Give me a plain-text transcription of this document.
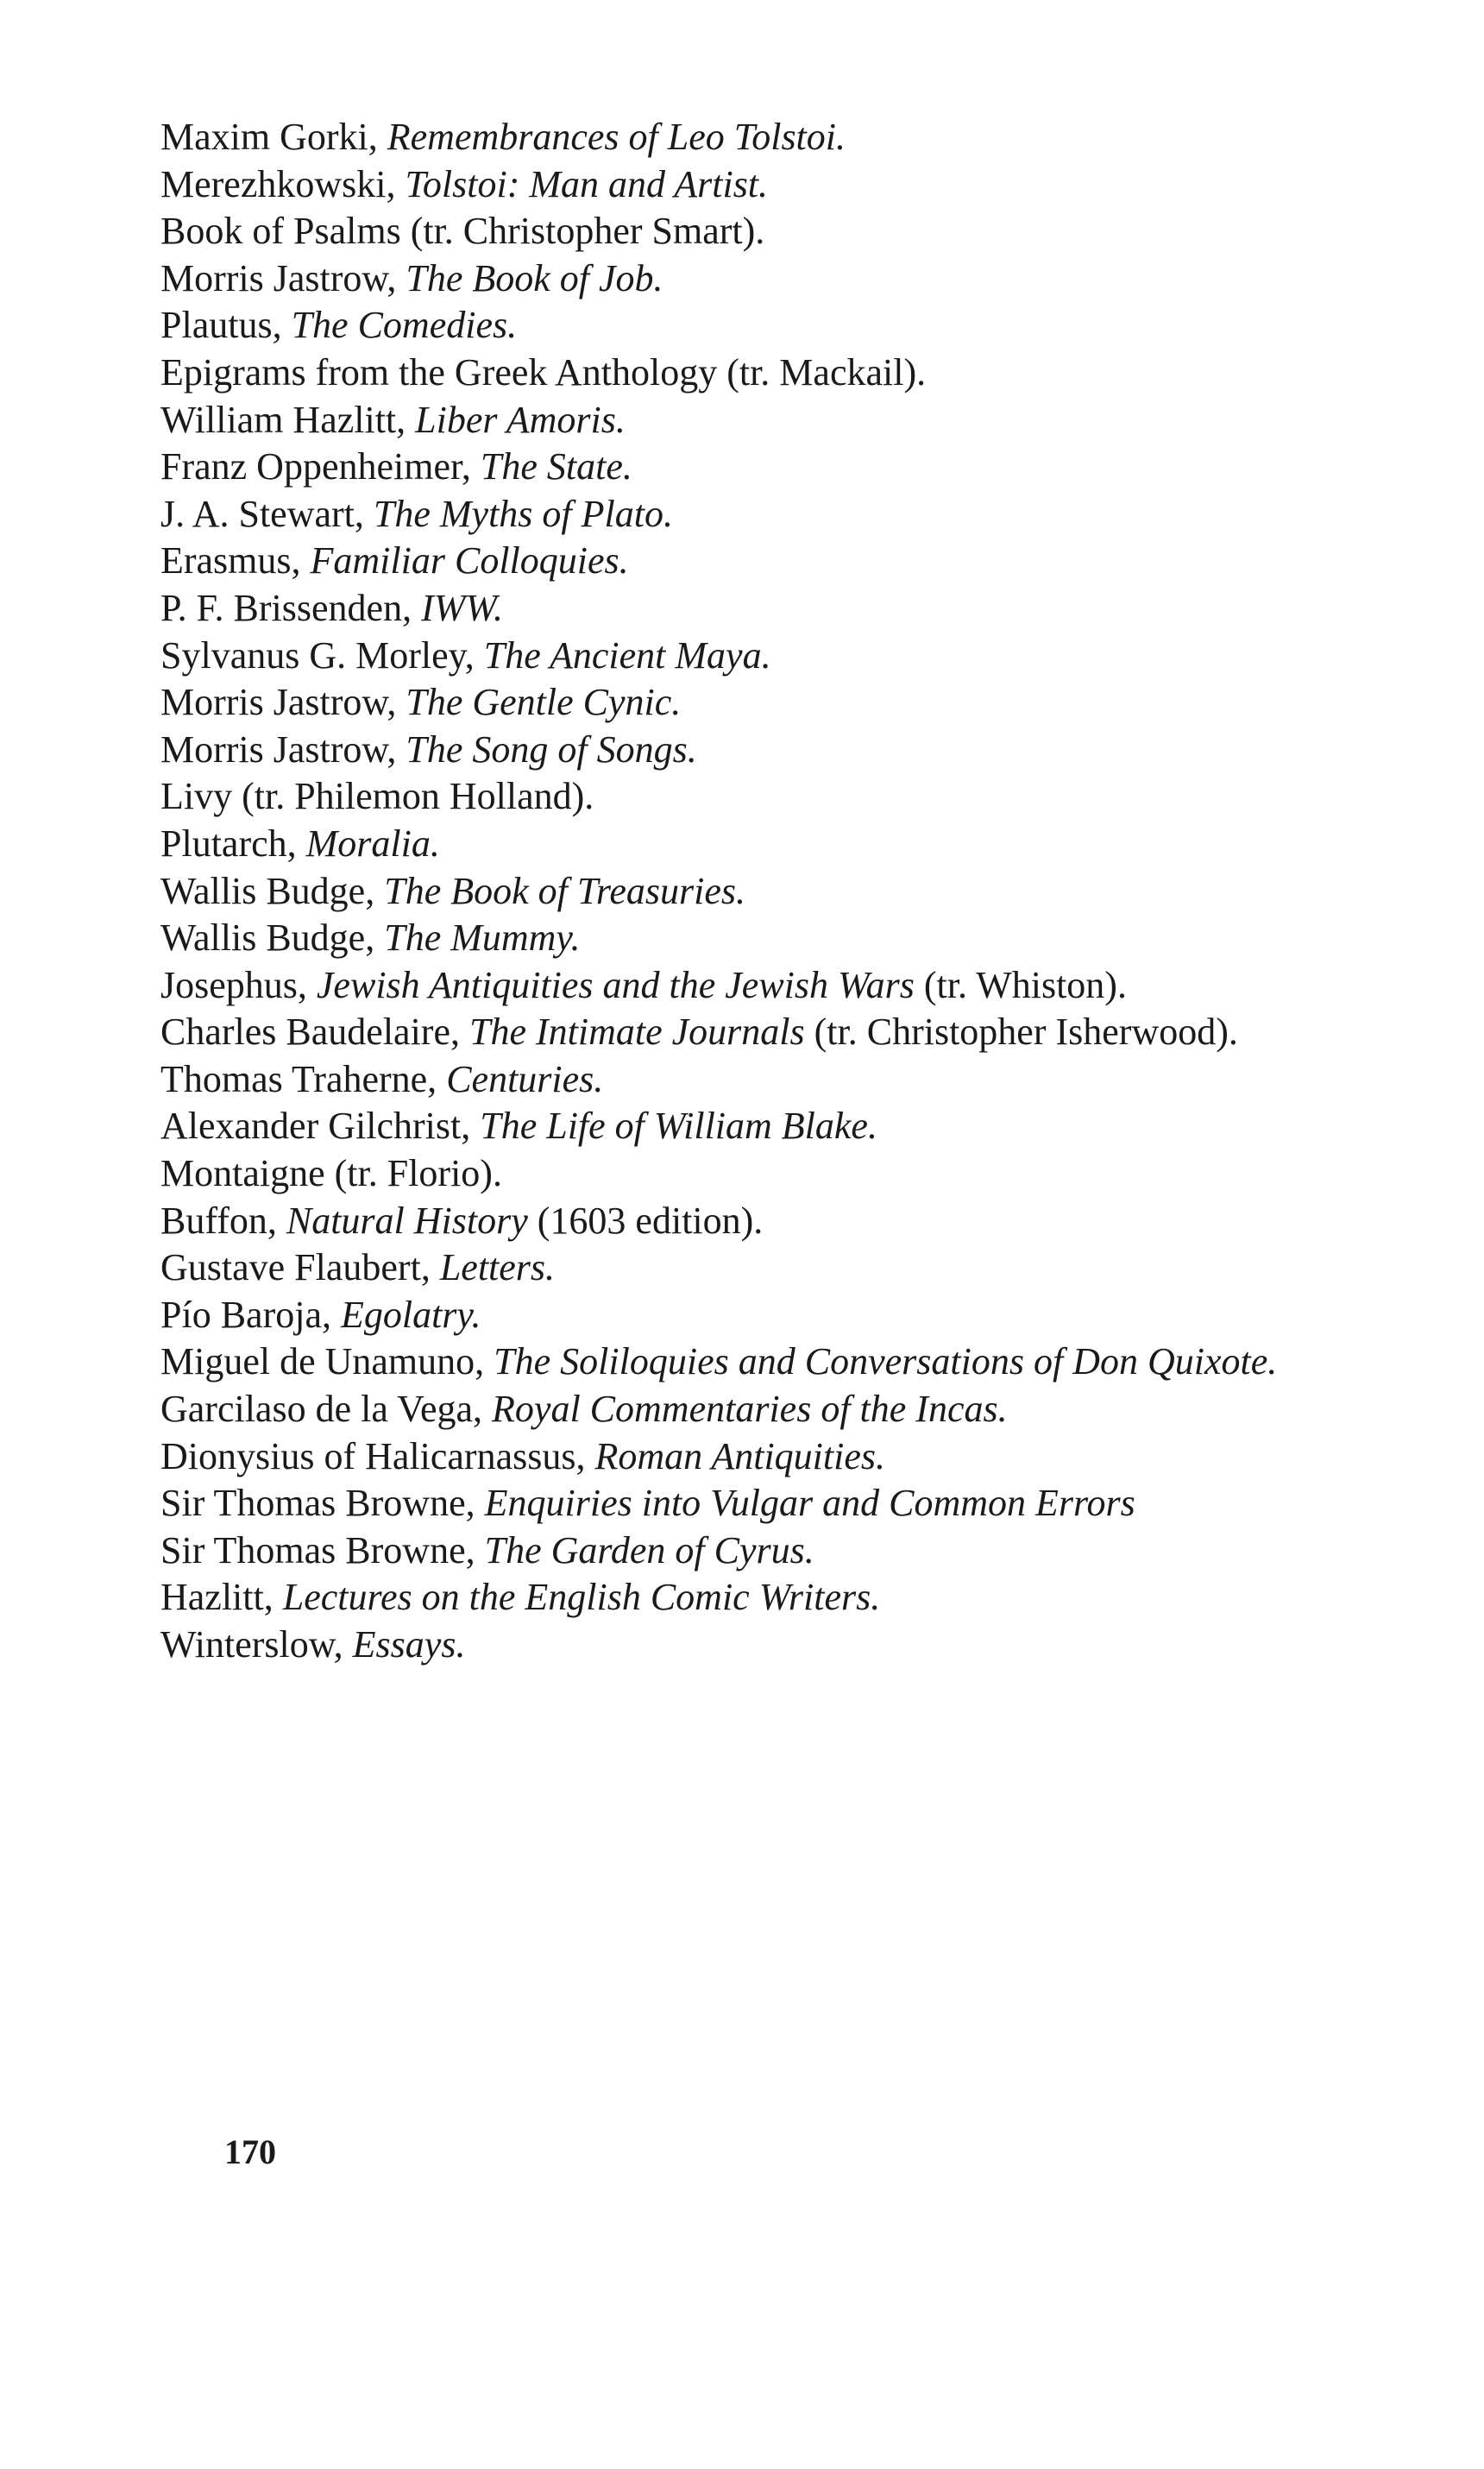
Maxim Gorki, Remembrances of Leo Tolstoi.
Merezhkowski, Tolstoi: Man and Artist.
Book of Psalms (tr. Christopher Smart).
Morris Jastrow, The Book of Job.
Plautus, The Comedies.
Epigrams from the Greek Anthology (tr. Mackail).
William Hazlitt, Liber Amoris.
Franz Oppenheimer, The State.
J. A. Stewart, The Myths of Plato.
Erasmus, Familiar Colloquies.
P. F. Brissenden, IWW.
Sylvanus G. Morley, The Ancient Maya.
Morris Jastrow, The Gentle Cynic.
Morris Jastrow, The Song of Songs.
Livy (tr. Philemon Holland).
Plutarch, Moralia.
Wallis Budge, The Book of Treasuries.
Wallis Budge, The Mummy.
Josephus, Jewish Antiquities and the Jewish Wars (tr. Whiston).
Charles Baudelaire, The Intimate Journals (tr. Christopher Isherwood).
Thomas Traherne, Centuries.
Alexander Gilchrist, The Life of William Blake.
Montaigne (tr. Florio).
Buffon, Natural History (1603 edition).
Gustave Flaubert, Letters.
Pío Baroja, Egolatry.
Miguel de Unamuno, The Soliloquies and Conversations of Don Quixote.
Garcilaso de la Vega, Royal Commentaries of the Incas.
Dionysius of Halicarnassus, Roman Antiquities.
Sir Thomas Browne, Enquiries into Vulgar and Common Errors
Sir Thomas Browne, The Garden of Cyrus.
Hazlitt, Lectures on the English Comic Writers.
Winterslow, Essays.

170
